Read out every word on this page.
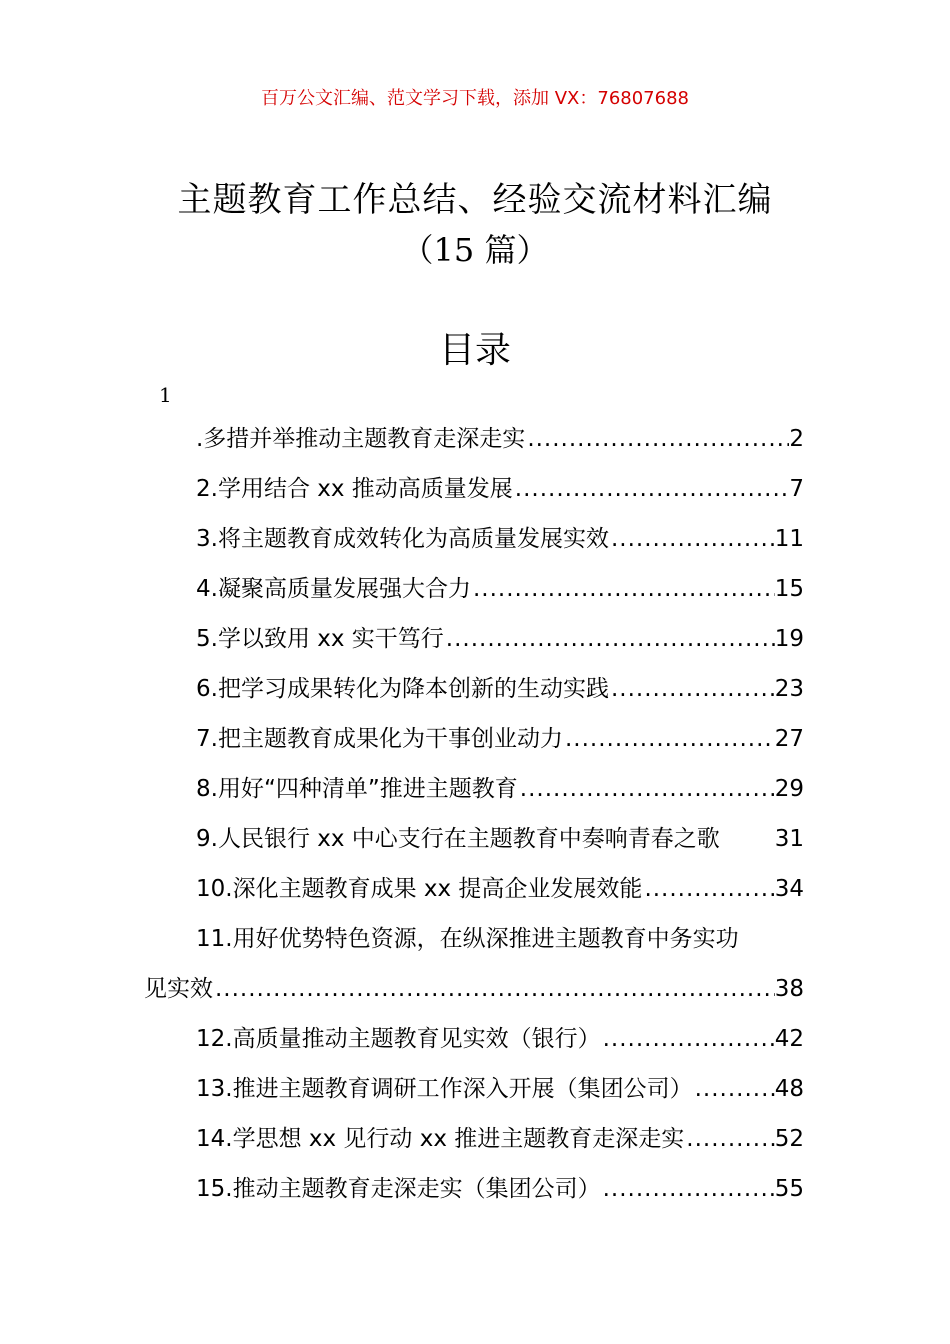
百万公文汇编、范文学习下载，添加 VX：76807688
主题教育工作总结、经验交流材料汇编
（15 篇）
目录
1
.多措并举推动主题教育走深走实 .....	2
2.学用结合 xx 推动高质量发展 .....	7
3.将主题教育成效转化为高质量发展实效 .....	11
4.凝聚高质量发展强大合力 .....	15
5.学以致用 xx 实干笃行 .....	19
6.把学习成果转化为降本创新的生动实践 .....	23
7.把主题教育成果化为干事创业动力 .....	27
8.用好“四种清单”推进主题教育 .....	29
9.人民银行 xx 中心支行在主题教育中奏响青春之歌	31
10.深化主题教育成果 xx 提高企业发展效能 .....	34
11.用好优势特色资源，在纵深推进主题教育中务实功
见实效 .....	38
12.高质量推动主题教育见实效（银行） .....	42
13.推进主题教育调研工作深入开展（集团公司） .....	48
14.学思想 xx 见行动 xx 推进主题教育走深走实 .....	52
15.推动主题教育走深走实（集团公司） .....	55
